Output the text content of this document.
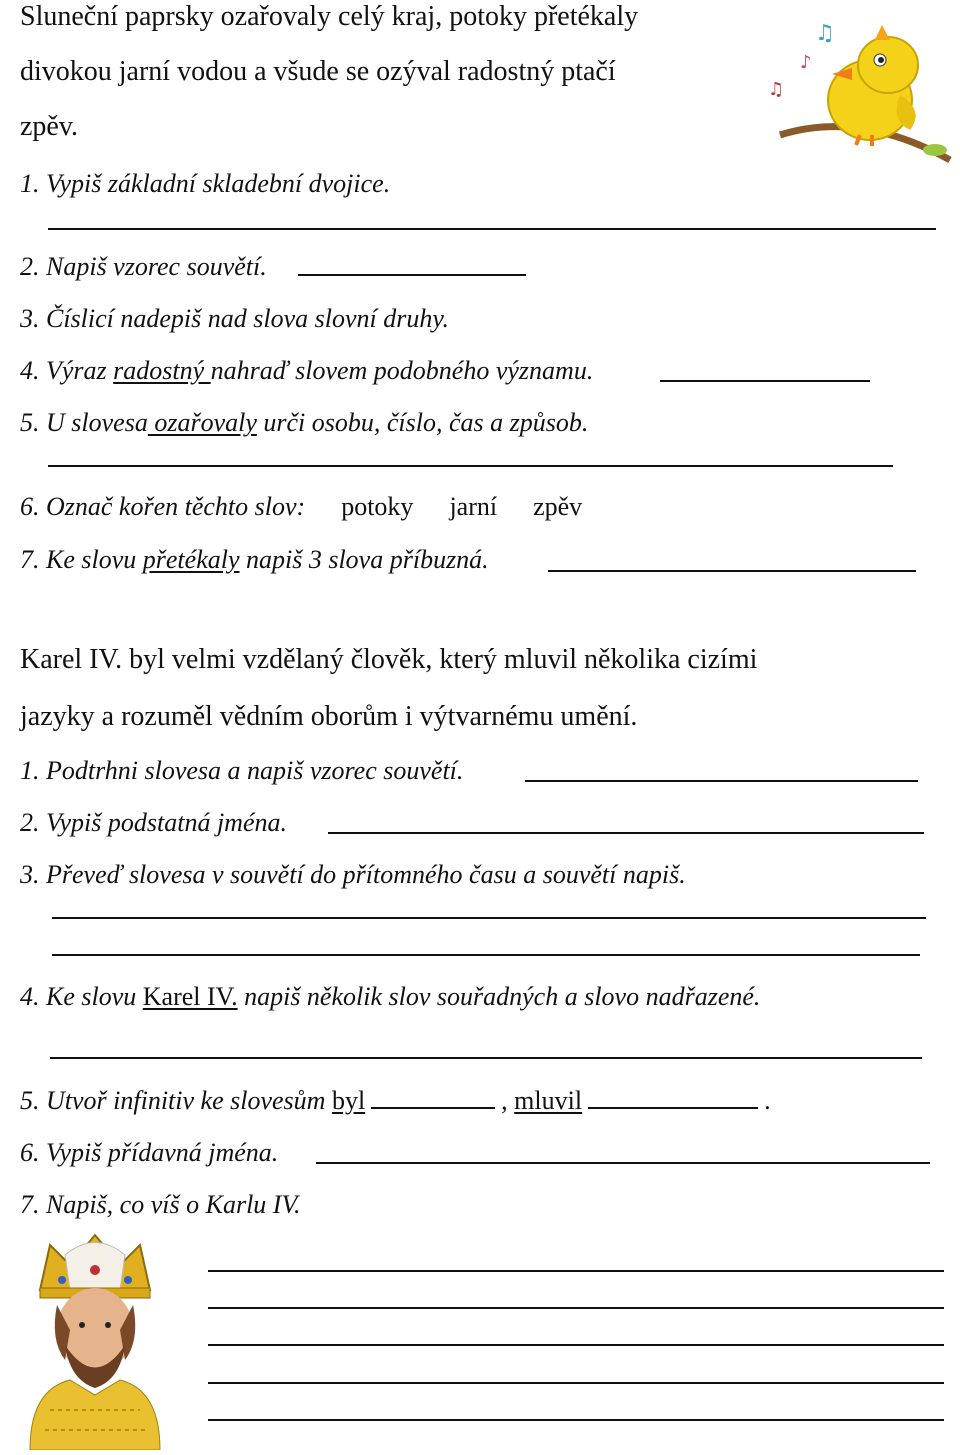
♫
♪
♫
Sluneční paprsky ozařovaly celý kraj, potoky přetékaly
divokou jarní vodou a všude se ozýval radostný ptačí
zpěv.
1. Vypiš základní skladební dvojice.
2. Napiš vzorec souvětí.
3. Číslicí nadepiš nad slova slovní druhy.
4. Výraz radostný nahraď slovem podobného významu.
5. U slovesa ozařovaly urči osobu, číslo, čas a způsob.
6. Označ kořen těchto slov: potoky jarní zpěv
7. Ke slovu přetékaly napiš 3 slova příbuzná.
Karel IV. byl velmi vzdělaný člověk, který mluvil několika cizími
jazyky a rozuměl vědním oborům i výtvarnému umění.
1. Podtrhni slovesa a napiš vzorec souvětí.
2. Vypiš podstatná jména.
3. Převeď slovesa v souvětí do přítomného času a souvětí napiš.
4. Ke slovu Karel IV. napiš několik slov souřadných a slovo nadřazené.
5. Utvoř infinitiv ke slovesům byl	, mluvil	.
6. Vypiš přídavná jména.
7. Napiš, co víš o Karlu IV.
